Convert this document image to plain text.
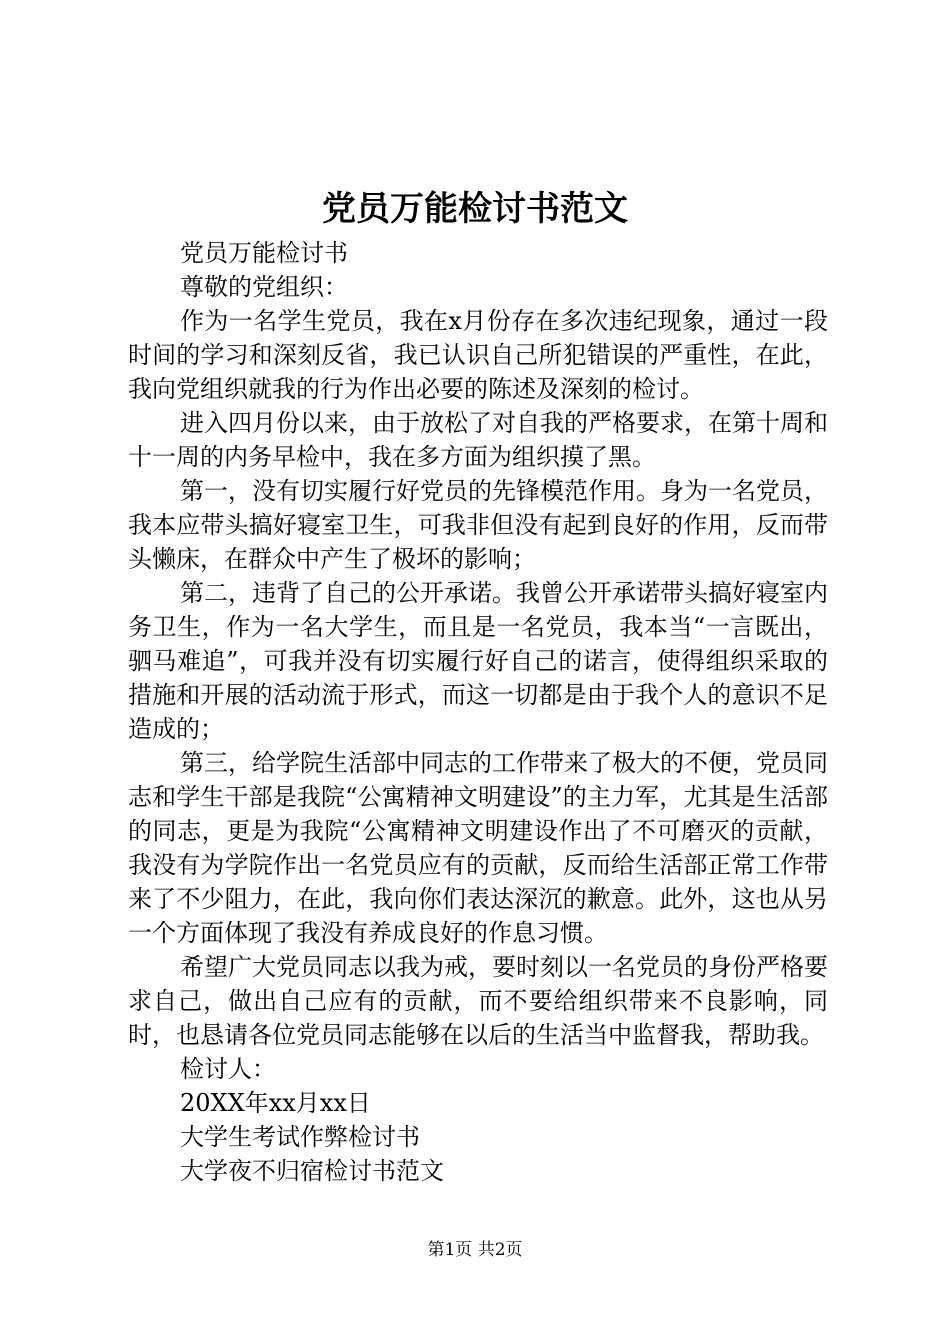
党员万能检讨书范文

党员万能检讨书

尊敬的党组织：

作为一名学生党员，我在x月份存在多次违纪现象，通过一段时间的学习和深刻反省，我已认识自己所犯错误的严重性，在此，我向党组织就我的行为作出必要的陈述及深刻的检讨。

进入四月份以来，由于放松了对自我的严格要求，在第十周和十一周的内务早检中，我在多方面为组织摸了黑。

第一，没有切实履行好党员的先锋模范作用。身为一名党员，我本应带头搞好寝室卫生，可我非但没有起到良好的作用，反而带头懒床，在群众中产生了极坏的影响；

第二，违背了自己的公开承诺。我曾公开承诺带头搞好寝室内务卫生，作为一名大学生，而且是一名党员，我本当“一言既出，驷马难追”，可我并没有切实履行好自己的诺言，使得组织采取的措施和开展的活动流于形式，而这一切都是由于我个人的意识不足造成的；

第三，给学院生活部中同志的工作带来了极大的不便，党员同志和学生干部是我院“公寓精神文明建设”的主力军，尤其是生活部的同志，更是为我院“公寓精神文明建设作出了不可磨灭的贡献，我没有为学院作出一名党员应有的贡献，反而给生活部正常工作带来了不少阻力，在此，我向你们表达深沉的歉意。此外，这也从另一个方面体现了我没有养成良好的作息习惯。

希望广大党员同志以我为戒，要时刻以一名党员的身份严格要求自己，做出自己应有的贡献，而不要给组织带来不良影响，同时，也恳请各位党员同志能够在以后的生活当中监督我，帮助我。

检讨人：

20XX年xx月xx日

大学生考试作弊检讨书

大学夜不归宿检讨书范文

第1页 共2页
